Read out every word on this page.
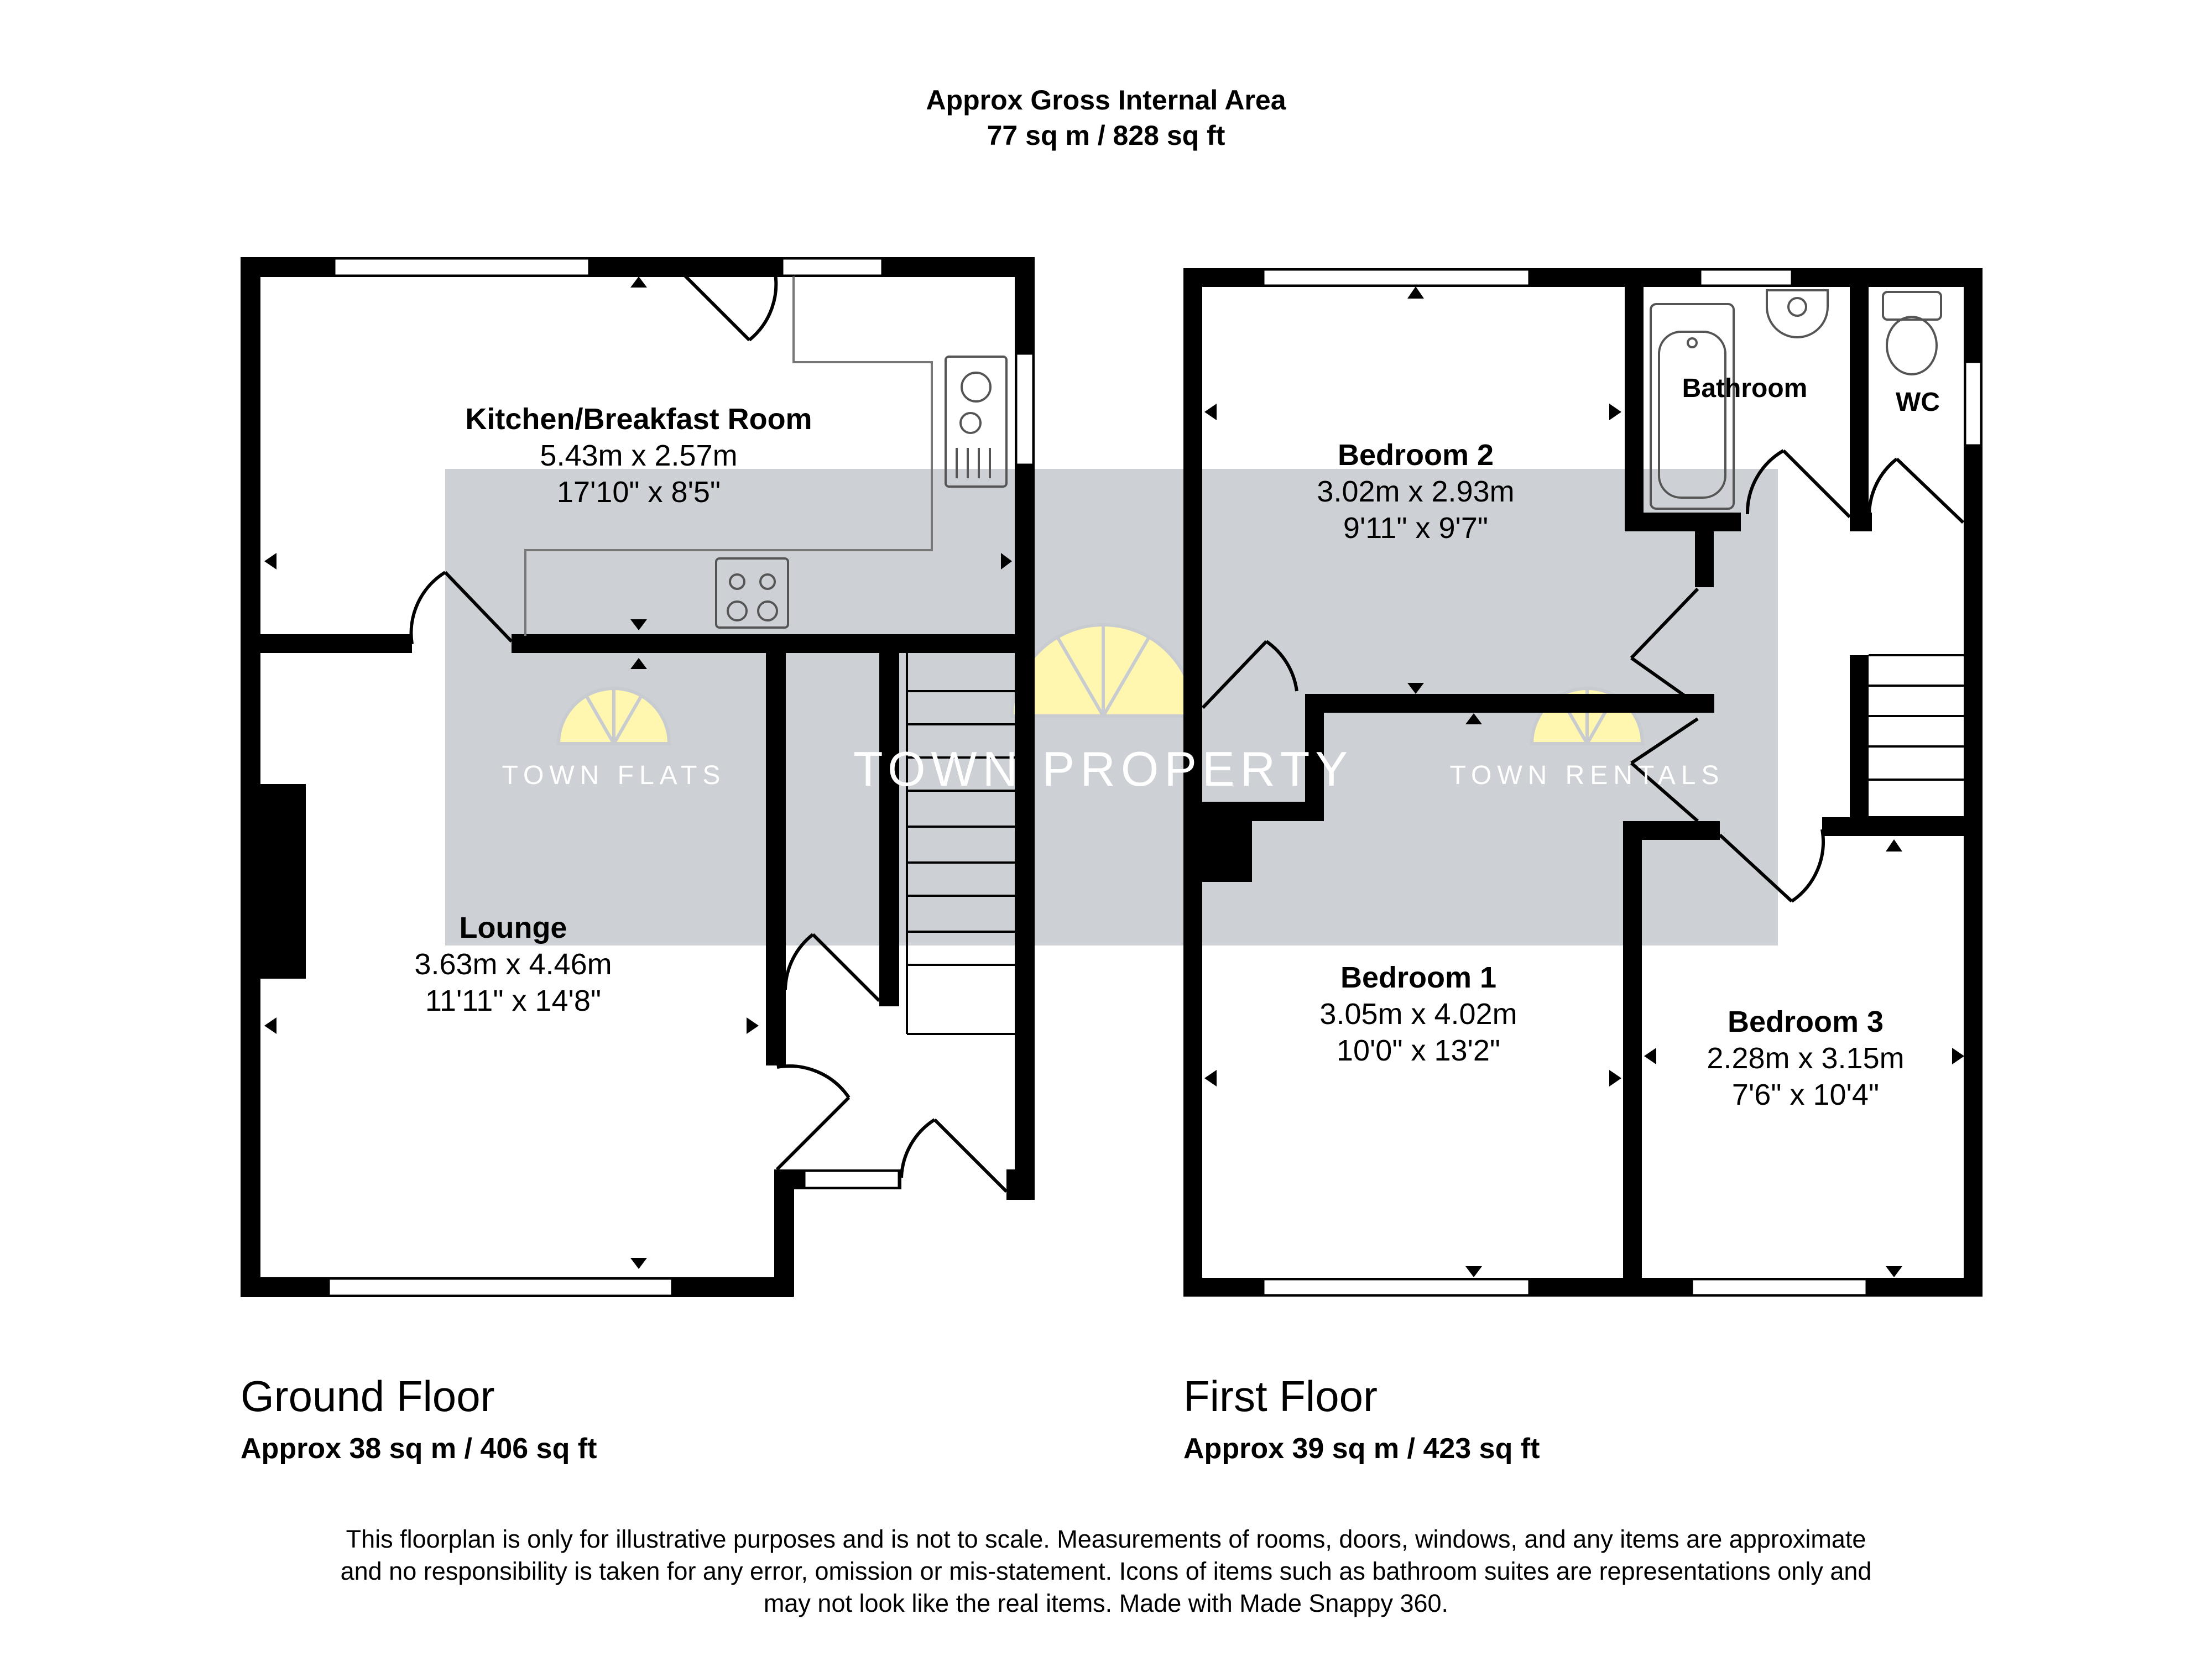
Approx Gross Internal Area
77 sq m / 828 sq ft
TOWN FLATS	TOWN PROPERTY	TOWN RENTALS
Kitchen/Breakfast Room
5.43m x 2.57m
17'10" x 8'5"
Lounge
3.63m x 4.46m
11'11" x 14'8"
Bedroom 2
3.02m x 2.93m
9'11" x 9'7"
Bedroom 1
3.05m x 4.02m
10'0" x 13'2"
Bedroom 3
2.28m x 3.15m
7'6" x 10'4"
Bathroom	WC
Ground Floor
Approx 38 sq m / 406 sq ft
First Floor
Approx 39 sq m / 423 sq ft
This floorplan is only for illustrative purposes and is not to scale. Measurements of rooms, doors, windows, and any items are approximate
and no responsibility is taken for any error, omission or mis-statement. Icons of items such as bathroom suites are representations only and
may not look like the real items. Made with Made Snappy 360.
